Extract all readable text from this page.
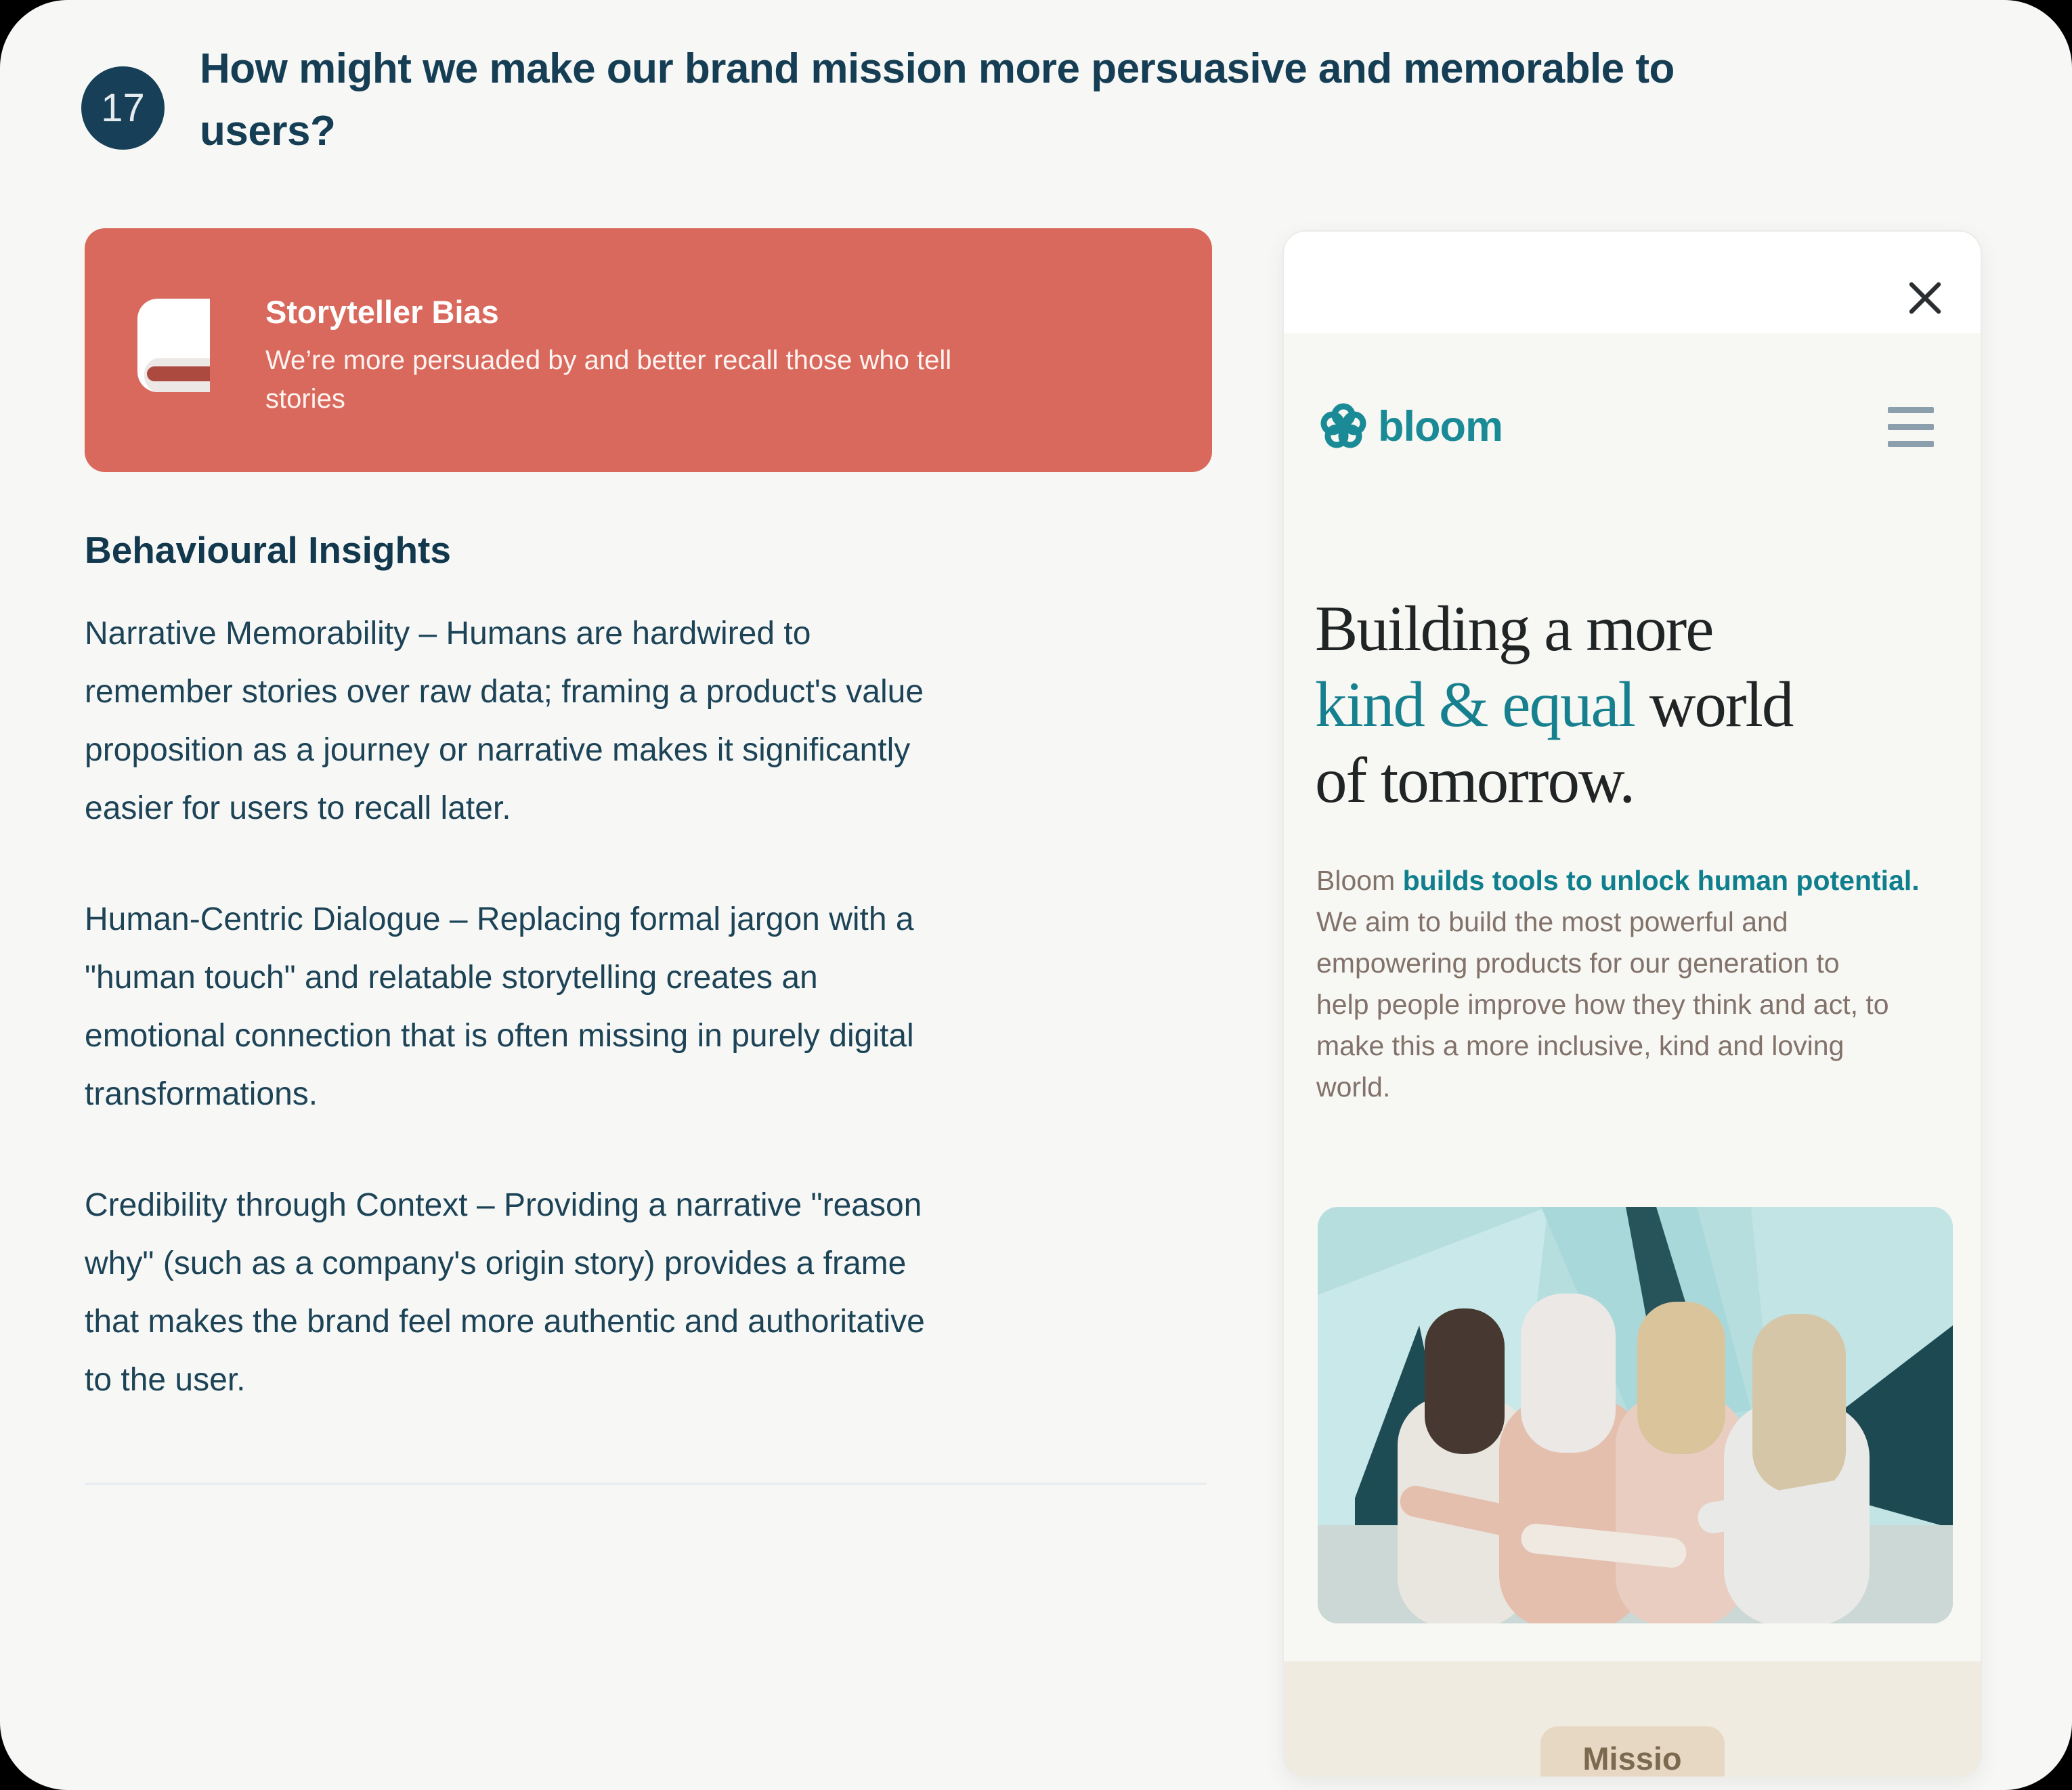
17
How might we make our brand mission more persuasive and memorable to
users?
Storyteller Bias
We’re more persuaded by and better recall those who tell
stories
Behavioural Insights
Narrative Memorability – Humans are hardwired to
remember stories over raw data; framing a product's value
proposition as a journey or narrative makes it significantly
easier for users to recall later.
Human-Centric Dialogue – Replacing formal jargon with a
"human touch" and relatable storytelling creates an
emotional connection that is often missing in purely digital
transformations.
Credibility through Context – Providing a narrative "reason
why" (such as a company's origin story) provides a frame
that makes the brand feel more authentic and authoritative
to the user.
bloom
Building a more
kind & equal world
of tomorrow.
Bloom builds tools to unlock human potential.
We aim to build the most powerful and
empowering products for our generation to
help people improve how they think and act, to
make this a more inclusive, kind and loving
world.
Missio
